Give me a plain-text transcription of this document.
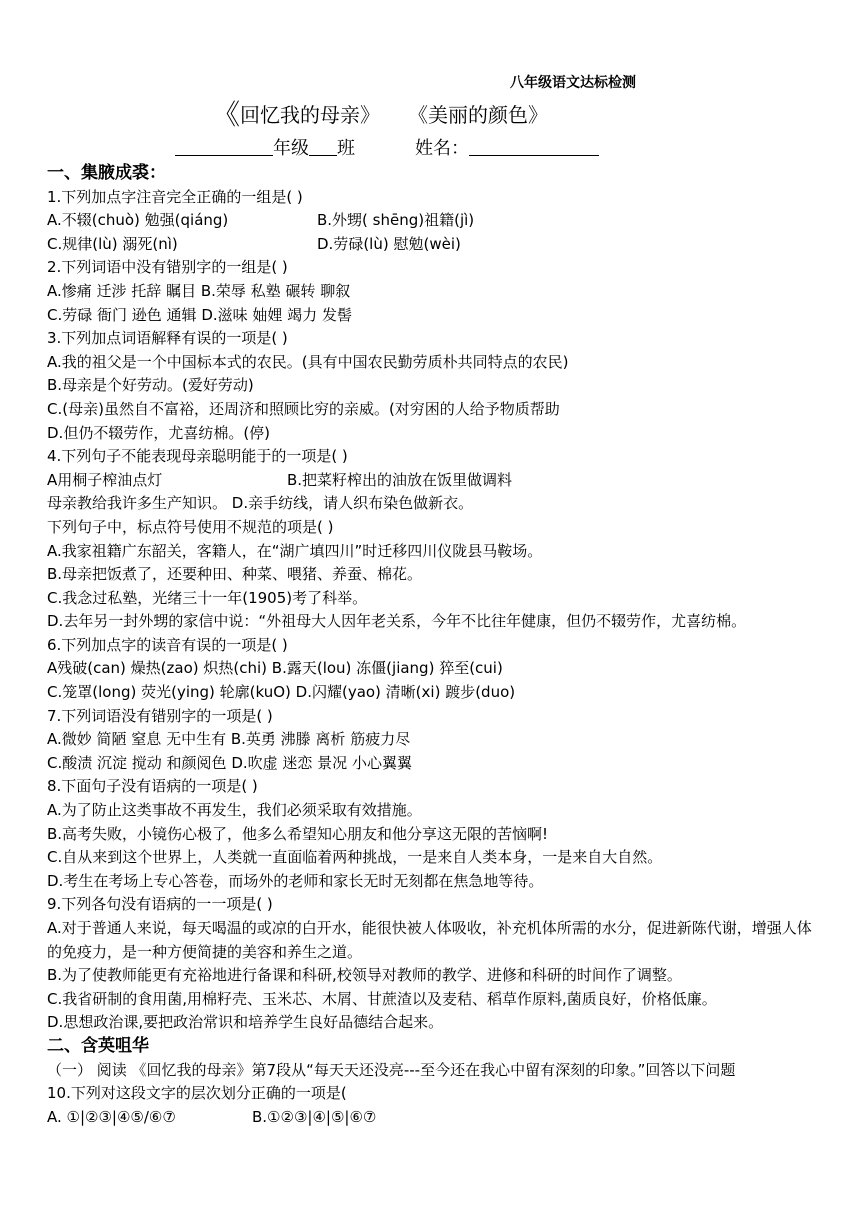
八年级语文达标检测
《回忆我的母亲》 《美丽的颜色》
年级 班	姓名：
一、集腋成裘：
1.下列加点字注音完全正确的一组是( )
A.不辍(chuò) 勉强(qiáng)	B.外甥( shēng)祖籍(jì)
C.规律(lù) 溺死(nì)	D.劳碌(lù) 慰勉(wèi)
2.下列词语中没有错别字的一组是( )
A.惨痛 迁涉 托辞 瞩目 B.荣辱 私塾 碾转 聊叙
C.劳碌 衙门 逊色 通辑 D.滋味 妯娌 竭力 发髻
3.下列加点词语解释有误的一项是( )
A.我的祖父是一个中国标本式的农民。(具有中国农民勤劳质朴共同特点的农民)
B.母亲是个好劳动。(爱好劳动)
C.(母亲)虽然自不富裕，还周济和照顾比穷的亲威。(对穷困的人给予物质帮助
D.但仍不辍劳作，尤喜纺棉。(停)
4.下列句子不能表现母亲聪明能于的一项是( )
A用桐子榨油点灯	B.把菜籽榨出的油放在饭里做调料
母亲教给我许多生产知识。 D.亲手纺线，请人织布染色做新衣。
下列句子中，标点符号使用不规范的项是( )
A.我家祖籍广东韶关，客籍人，在“湖广填四川”时迁移四川仪陇县马鞍场。
B.母亲把饭煮了，还要种田、种菜、喂猪、养蚕、棉花。
C.我念过私塾，光绪三十一年(1905)考了科举。
D.去年另一封外甥的家信中说：“外祖母大人因年老关系，今年不比往年健康，但仍不辍劳作，尤喜纺棉。
6.下列加点字的读音有误的一项是( )
A残破(can) 燥热(zao) 炽热(chi) B.露天(lou) 冻僵(jiang) 猝至(cui)
C.笼罩(long) 荧光(ying) 轮廓(kuO) D.闪耀(yao) 清晰(xi) 踱步(duo)
7.下列词语没有错别字的一项是( )
A.微妙 简陋 窒息 无中生有 B.英勇 沸滕 离析 筋疲力尽
C.酸渍 沉淀 搅动 和颜阅色 D.吹虚 迷恋 景况 小心翼翼
8.下面句子没有语病的一项是( )
A.为了防止这类事故不再发生，我们必须采取有效措施。
B.高考失败，小镜伤心极了，他多么希望知心朋友和他分享这无限的苦恼啊!
C.自从来到这个世界上，人类就一直面临着两种挑战，一是来自人类本身，一是来自大自然。
D.考生在考场上专心答卷，而场外的老师和家长无时无刻都在焦急地等待。
9.下列各句没有语病的一一项是( )
A.对于普通人来说，每天喝温的或凉的白开水，能很快被人体吸收，补充机体所需的水分，促进新陈代谢，增强人体的免疫力，是一种方便简捷的美容和养生之道。
B.为了使教师能更有充裕地进行备课和科研,校领导对教师的教学、进修和科研的时间作了调整。
C.我省研制的食用菌,用棉籽壳、玉米芯、木屑、甘蔗渣以及麦秸、稻草作原料,菌质良好，价格低廉。
D.思想政治课,要把政治常识和培养学生良好品德结合起来。
二、含英咀华
（一） 阅读 《回忆我的母亲》第7段从“每天天还没亮---至今还在我心中留有深刻的印象。”回答以下问题
10.下列对这段文字的层次划分正确的一项是(
A. ①|②③|④⑤/⑥⑦	B.①②③|④|⑤|⑥⑦
